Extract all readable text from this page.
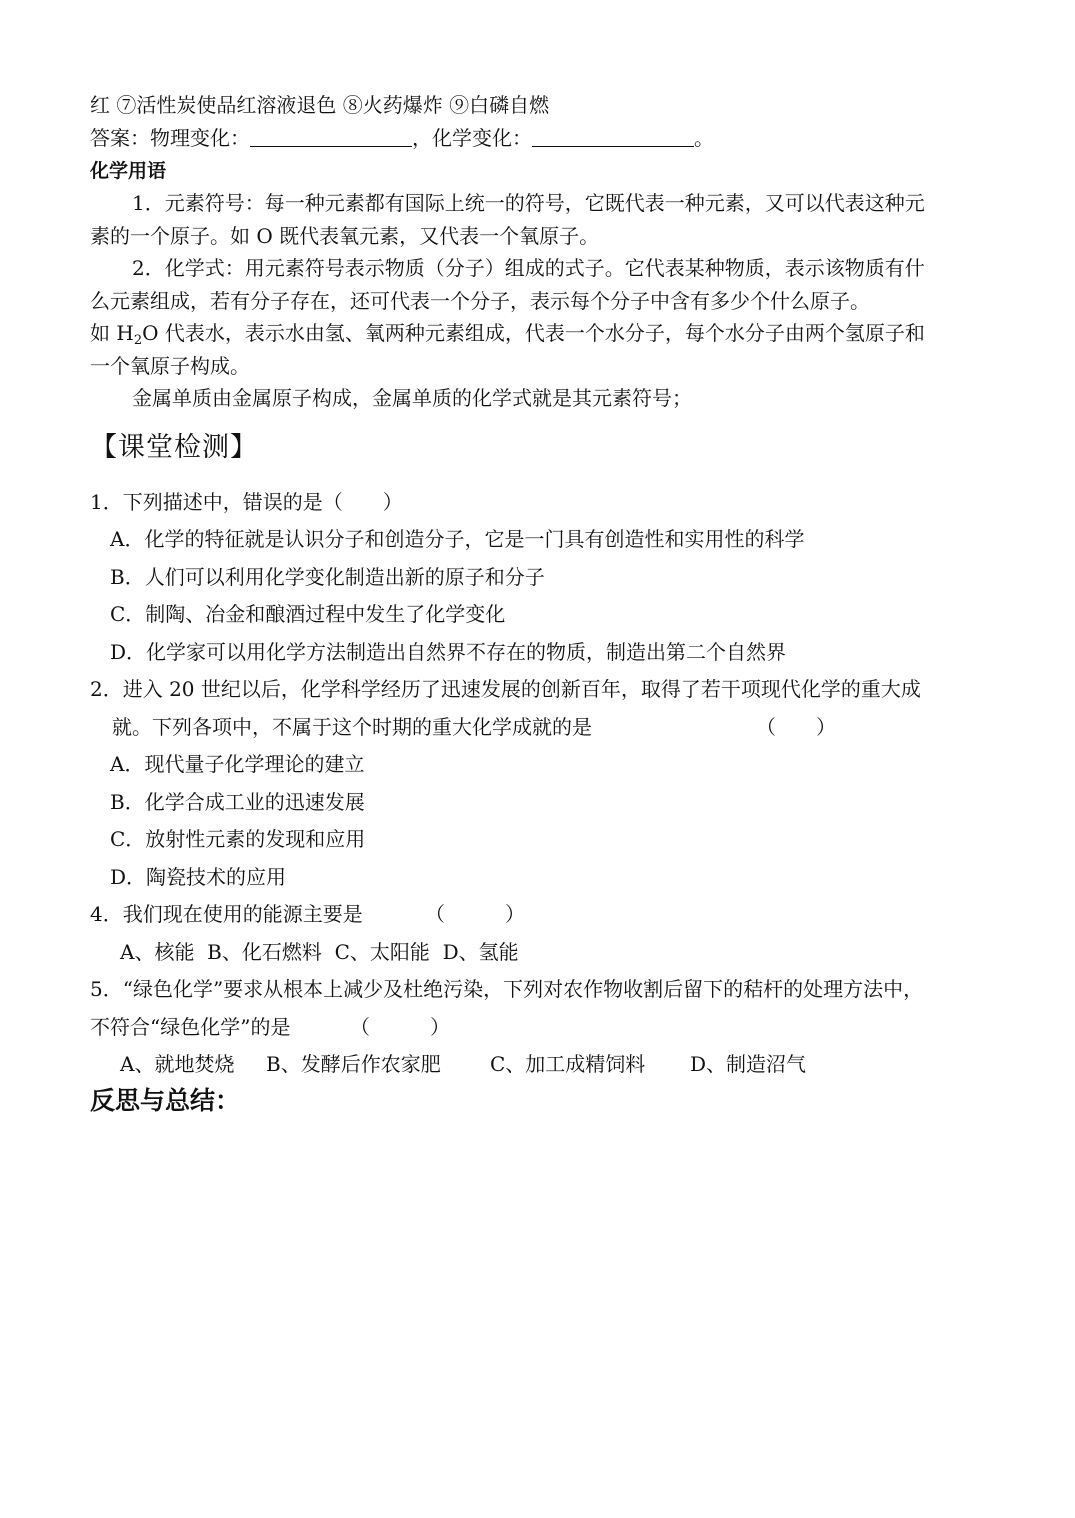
红 ⑦活性炭使品红溶液退色 ⑧火药爆炸 ⑨白磷自燃
答案：物理变化：	，化学变化：	。
化学用语
1．元素符号：每一种元素都有国际上统一的符号，它既代表一种元素，又可以代表这种元
素的一个原子。如 O 既代表氧元素，又代表一个氧原子。
2．化学式：用元素符号表示物质（分子）组成的式子。它代表某种物质，表示该物质有什
么元素组成，若有分子存在，还可代表一个分子，表示每个分子中含有多少个什么原子。
如 $H_2O$ 代表水，表示水由氢、氧两种元素组成，代表一个水分子，每个水分子由两个氢原子和
一个氧原子构成。
金属单质由金属原子构成，金属单质的化学式就是其元素符号；
【课堂检测】
1．下列描述中，错误的是（　　）
A．化学的特征就是认识分子和创造分子，它是一门具有创造性和实用性的科学
B．人们可以利用化学变化制造出新的原子和分子
C．制陶、冶金和酿酒过程中发生了化学变化
D．化学家可以用化学方法制造出自然界不存在的物质，制造出第二个自然界
2．进入 20 世纪以后，化学科学经历了迅速发展的创新百年，取得了若干项现代化学的重大成
就。下列各项中，不属于这个时期的重大化学成就的是	（　　）
A．现代量子化学理论的建立
B．化学合成工业的迅速发展
C．放射性元素的发现和应用
D．陶瓷技术的应用
4．我们现在使用的能源主要是	（　　　）
A、核能  B、化石燃料  C、太阳能  D、氢能
5．“绿色化学”要求从根本上减少及杜绝污染，下列对农作物收割后留下的秸杆的处理方法中，
不符合“绿色化学”的是	（　　　）
A、就地焚烧 B、发酵后作农家肥 C、加工成精饲料 D、制造沼气
反思与总结：
